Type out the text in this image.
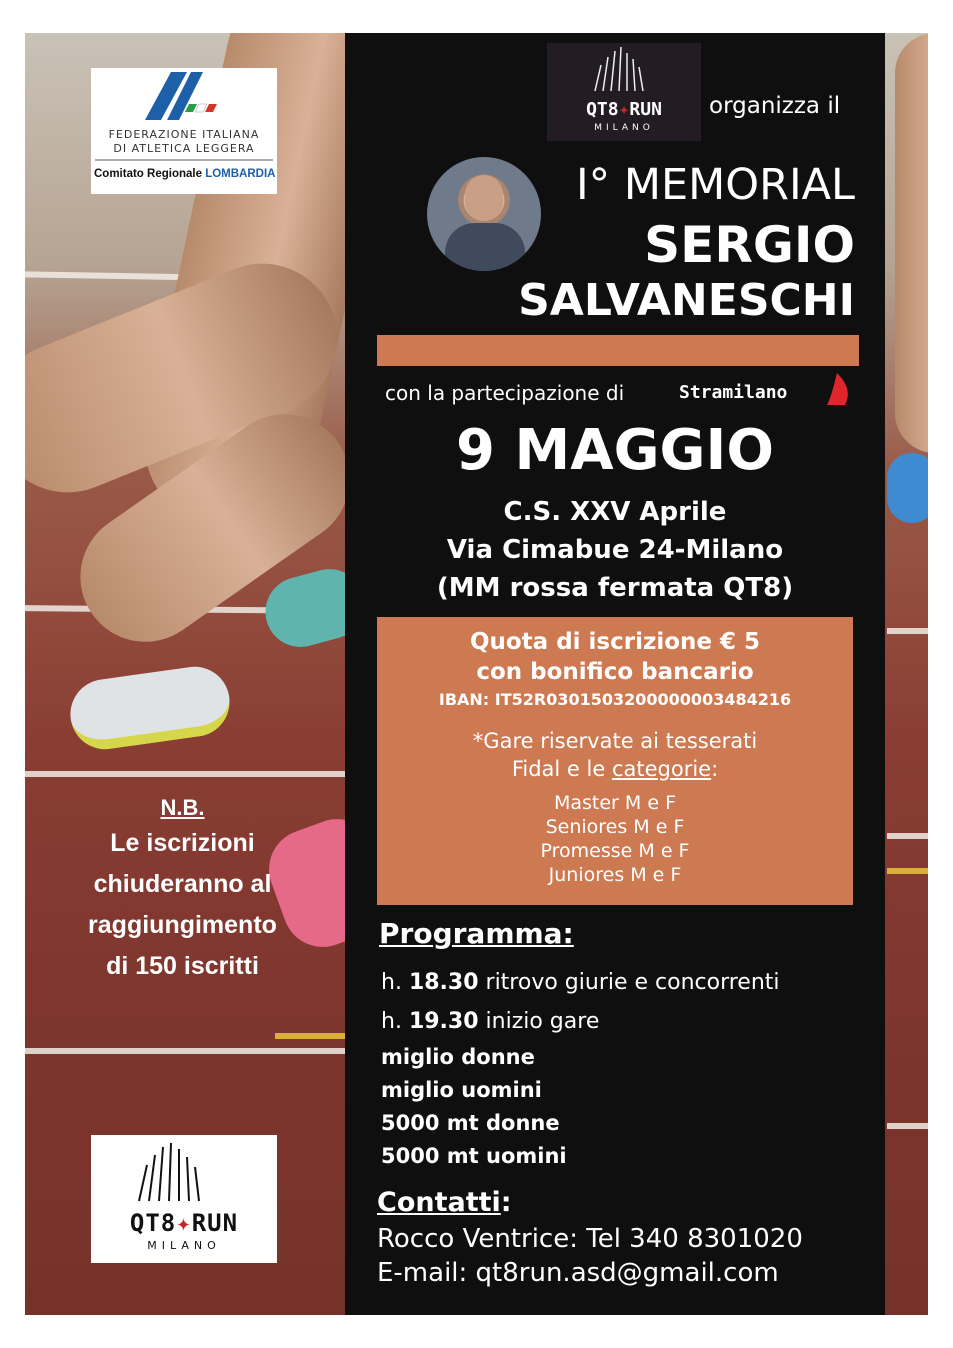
FEDERAZIONE ITALIANA
DI ATLETICA LEGGERA
Comitato Regionale LOMBARDIA
N.B.
Le iscrizioni
chiuderanno al
raggiungimento
di 150 iscritti
QT8✦RUN
MILANO
QT8✦RUN
MILANO
organizza il
I° MEMORIAL
SERGIO
SALVANESCHI
con la partecipazione di	Stramilano
9 MAGGIO
C.S. XXV Aprile
Via Cimabue 24-Milano
(MM rossa fermata QT8)
Quota di iscrizione € 5
con bonifico bancario
IBAN: IT52R0301503200000003484216
*Gare riservate ai tesserati
Fidal e le categorie:
Master M e F
Seniores M e F
Promesse M e F
Juniores M e F
Programma:
h. 18.30 ritrovo giurie e concorrenti
h. 19.30 inizio gare
miglio donne
miglio uomini
5000 mt donne
5000 mt uomini
Contatti:
Rocco Ventrice: Tel 340 8301020
E-mail: qt8run.asd@gmail.com
